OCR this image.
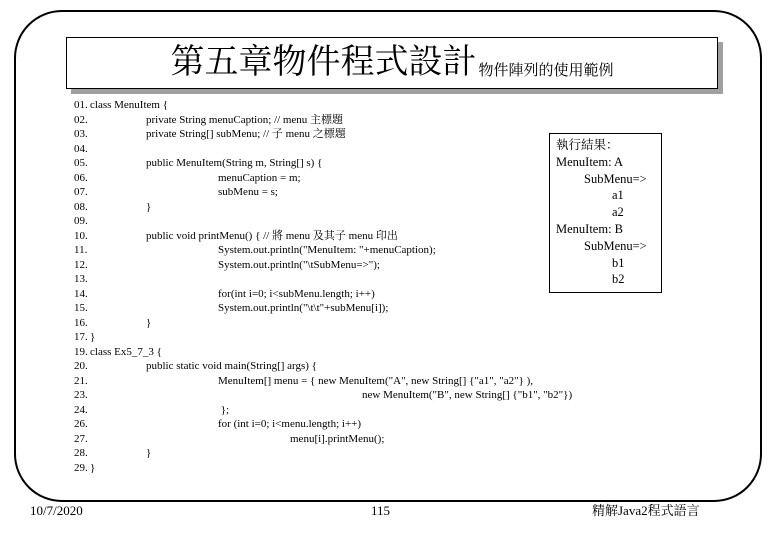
第五章物件程式設計 物件陣列的使用範例
01. class MenuItem {
02.	private String menuCaption; // menu 主標題
03.	private String[] subMenu; // 子 menu 之標題
04.
05.	public MenuItem(String m, String[] s) {
06.	menuCaption = m;
07.	subMenu = s;
08.	}
09.
10.	public void printMenu() { // 將 menu 及其子 menu 印出
11.	System.out.println("MenuItem: "+menuCaption);
12.	System.out.println("\tSubMenu=>");
13.
14.	for(int i=0; i<subMenu.length; i++)
15.	System.out.println("\t\t"+subMenu[i]);
16.	}
17. }
19. class Ex5_7_3 {
20.	public static void main(String[] args) {
21.	MenuItem[] menu = { new MenuItem("A", new String[] {"a1", "a2"} ),
23.	new MenuItem("B", new String[] {"b1", "b2"})
24.	};
26.	for (int i=0; i<menu.length; i++)
27.	menu[i].printMenu();
28.	}
29. }
執行結果：
MenuItem: A
SubMenu=>
a1
a2
MenuItem: B
SubMenu=>
b1
b2
10/7/2020	115	精解Java2程式語言
